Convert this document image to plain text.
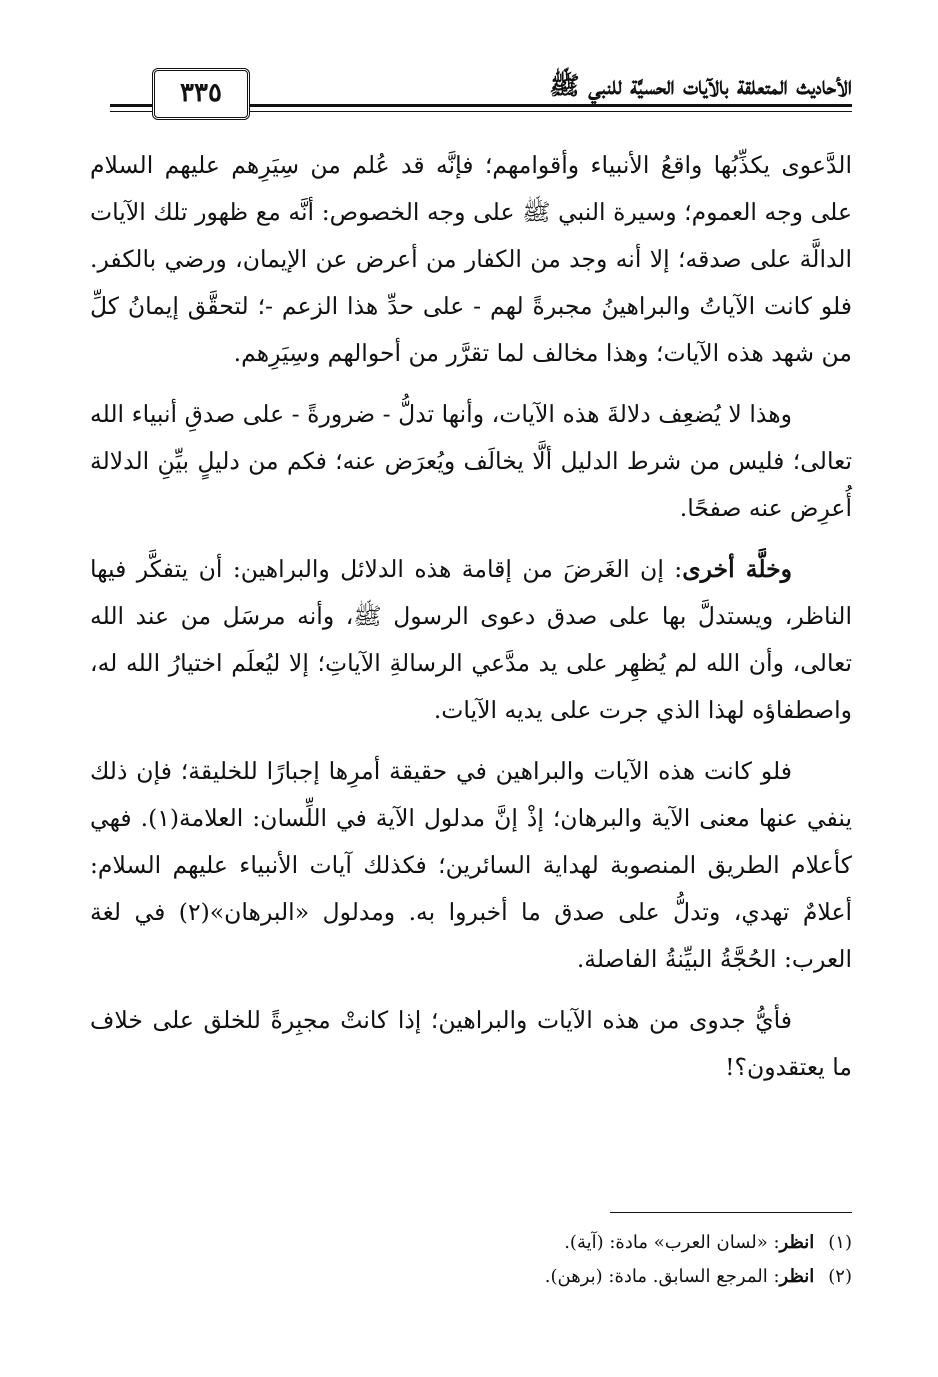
الأحاديث المتعلقة بالآيات الحسيَّة للنبي ﷺ
٣٣٥

الدَّعوى يكذِّبُها واقعُ الأنبياء وأقوامهم؛ فإنَّه قد عُلم من سِيَرِهم عليهم السلام على وجه العموم؛ وسيرة النبي ﷺ على وجه الخصوص: أنَّه مع ظهور تلك الآيات الدالَّة على صدقه؛ إلا أنه وجد من الكفار من أعرض عن الإيمان، ورضي بالكفر. فلو كانت الآياتُ والبراهينُ مجبرةً لهم - على حدِّ هذا الزعم -؛ لتحقَّق إيمانُ كلِّ من شهد هذه الآيات؛ وهذا مخالف لما تقرَّر من أحوالهم وسِيَرِهم.

وهذا لا يُضعِف دلالةَ هذه الآيات، وأنها تدلُّ - ضرورةً - على صدقِ أنبياء الله تعالى؛ فليس من شرط الدليل ألَّا يخالَف ويُعرَض عنه؛ فكم من دليلٍ بيِّنِ الدلالة أُعرِض عنه صفحًا.

وخلَّة أخرى: إن الغَرضَ من إقامة هذه الدلائل والبراهين: أن يتفكَّر فيها الناظر، ويستدلَّ بها على صدق دعوى الرسول ﷺ، وأنه مرسَل من عند الله تعالى، وأن الله لم يُظهِر على يد مدَّعي الرسالةِ الآياتِ؛ إلا ليُعلَم اختيارُ الله له، واصطفاؤه لهذا الذي جرت على يديه الآيات.

فلو كانت هذه الآيات والبراهين في حقيقة أمرِها إجبارًا للخليقة؛ فإن ذلك ينفي عنها معنى الآية والبرهان؛ إذْ إنَّ مدلول الآية في اللِّسان: العلامة(١). فهي كأعلام الطريق المنصوبة لهداية السائرين؛ فكذلك آيات الأنبياء عليهم السلام: أعلامٌ تهدي، وتدلُّ على صدق ما أخبروا به. ومدلول «البرهان»(٢) في لغة العرب: الحُجَّةُ البيِّنةُ الفاصلة.

فأيُّ جدوى من هذه الآيات والبراهين؛ إذا كانتْ مجبِرةً للخلق على خلاف ما يعتقدون؟!

(١) انظر: «لسان العرب» مادة: (آية).
(٢) انظر: المرجع السابق. مادة: (برهن).
